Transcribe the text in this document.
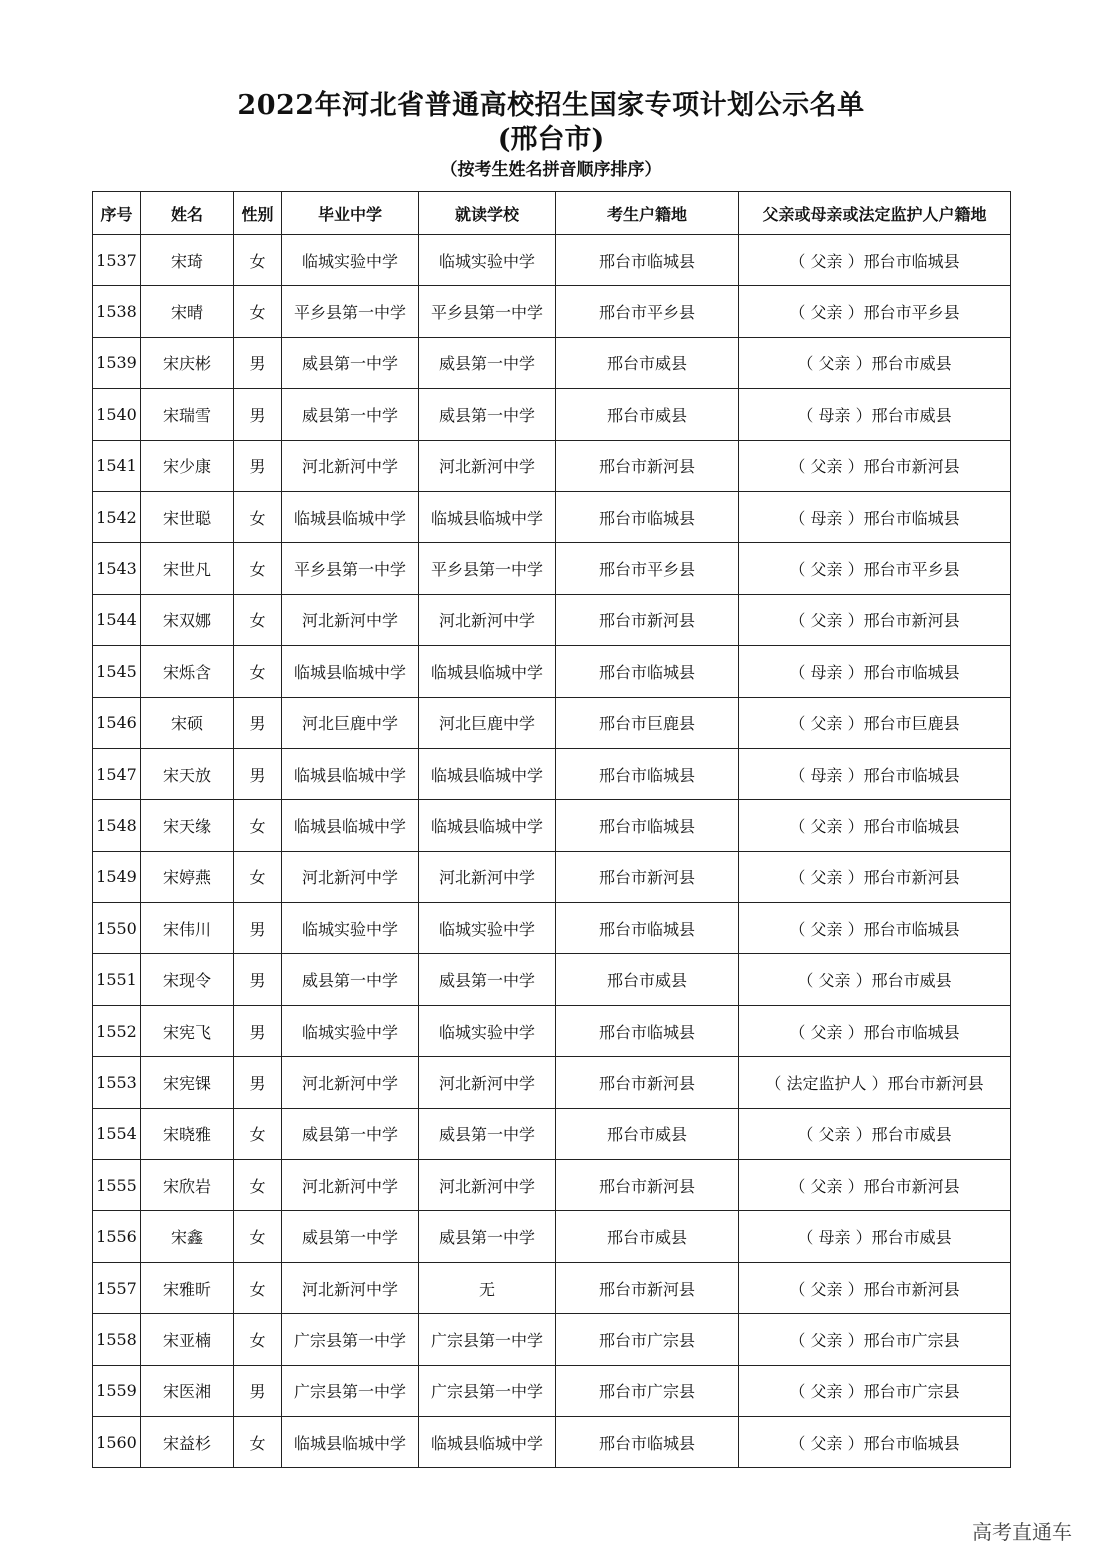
2022年河北省普通高校招生国家专项计划公示名单
(邢台市)
（按考生姓名拼音顺序排序）
序号	姓名	性别	毕业中学	就读学校	考生户籍地	父亲或母亲或法定监护人户籍地
1537	宋琦	女	临城实验中学	临城实验中学	邢台市临城县	（ 父亲 ）邢台市临城县
1538	宋晴	女	平乡县第一中学	平乡县第一中学	邢台市平乡县	（ 父亲 ）邢台市平乡县
1539	宋庆彬	男	威县第一中学	威县第一中学	邢台市威县	（ 父亲 ）邢台市威县
1540	宋瑞雪	男	威县第一中学	威县第一中学	邢台市威县	（ 母亲 ）邢台市威县
1541	宋少康	男	河北新河中学	河北新河中学	邢台市新河县	（ 父亲 ）邢台市新河县
1542	宋世聪	女	临城县临城中学	临城县临城中学	邢台市临城县	（ 母亲 ）邢台市临城县
1543	宋世凡	女	平乡县第一中学	平乡县第一中学	邢台市平乡县	（ 父亲 ）邢台市平乡县
1544	宋双娜	女	河北新河中学	河北新河中学	邢台市新河县	（ 父亲 ）邢台市新河县
1545	宋烁含	女	临城县临城中学	临城县临城中学	邢台市临城县	（ 母亲 ）邢台市临城县
1546	宋硕	男	河北巨鹿中学	河北巨鹿中学	邢台市巨鹿县	（ 父亲 ）邢台市巨鹿县
1547	宋天放	男	临城县临城中学	临城县临城中学	邢台市临城县	（ 母亲 ）邢台市临城县
1548	宋天缘	女	临城县临城中学	临城县临城中学	邢台市临城县	（ 父亲 ）邢台市临城县
1549	宋婷燕	女	河北新河中学	河北新河中学	邢台市新河县	（ 父亲 ）邢台市新河县
1550	宋伟川	男	临城实验中学	临城实验中学	邢台市临城县	（ 父亲 ）邢台市临城县
1551	宋现令	男	威县第一中学	威县第一中学	邢台市威县	（ 父亲 ）邢台市威县
1552	宋宪飞	男	临城实验中学	临城实验中学	邢台市临城县	（ 父亲 ）邢台市临城县
1553	宋宪锞	男	河北新河中学	河北新河中学	邢台市新河县	（ 法定监护人 ）邢台市新河县
1554	宋晓雅	女	威县第一中学	威县第一中学	邢台市威县	（ 父亲 ）邢台市威县
1555	宋欣岩	女	河北新河中学	河北新河中学	邢台市新河县	（ 父亲 ）邢台市新河县
1556	宋鑫	女	威县第一中学	威县第一中学	邢台市威县	（ 母亲 ）邢台市威县
1557	宋雅昕	女	河北新河中学	无	邢台市新河县	（ 父亲 ）邢台市新河县
1558	宋亚楠	女	广宗县第一中学	广宗县第一中学	邢台市广宗县	（ 父亲 ）邢台市广宗县
1559	宋医湘	男	广宗县第一中学	广宗县第一中学	邢台市广宗县	（ 父亲 ）邢台市广宗县
1560	宋益杉	女	临城县临城中学	临城县临城中学	邢台市临城县	（ 父亲 ）邢台市临城县
高考直通车
